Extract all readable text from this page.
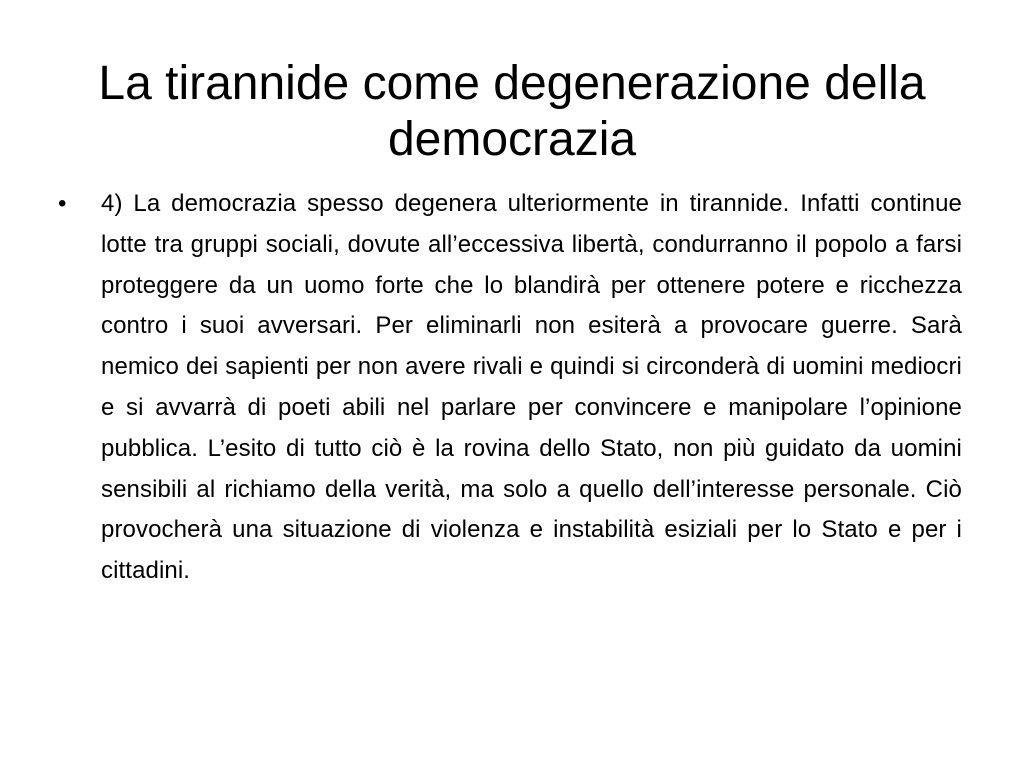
La tirannide come degenerazione della democrazia
• 4) La democrazia spesso degenera ulteriormente in tirannide. Infatti continue lotte tra gruppi sociali, dovute all’eccessiva libertà, condurranno il popolo a farsi proteggere da un uomo forte che lo blandirà per ottenere potere e ricchezza contro i suoi avversari. Per eliminarli non esiterà a provocare guerre. Sarà nemico dei sapienti per non avere rivali e quindi si circonderà di uomini mediocri e si avvarrà di poeti abili nel parlare per convincere e manipolare l’opinione pubblica. L’esito di tutto ciò è la rovina dello Stato, non più guidato da uomini sensibili al richiamo della verità, ma solo a quello dell’interesse personale. Ciò provocherà una situazione di violenza e instabilità esiziali per lo Stato e per i cittadini.
